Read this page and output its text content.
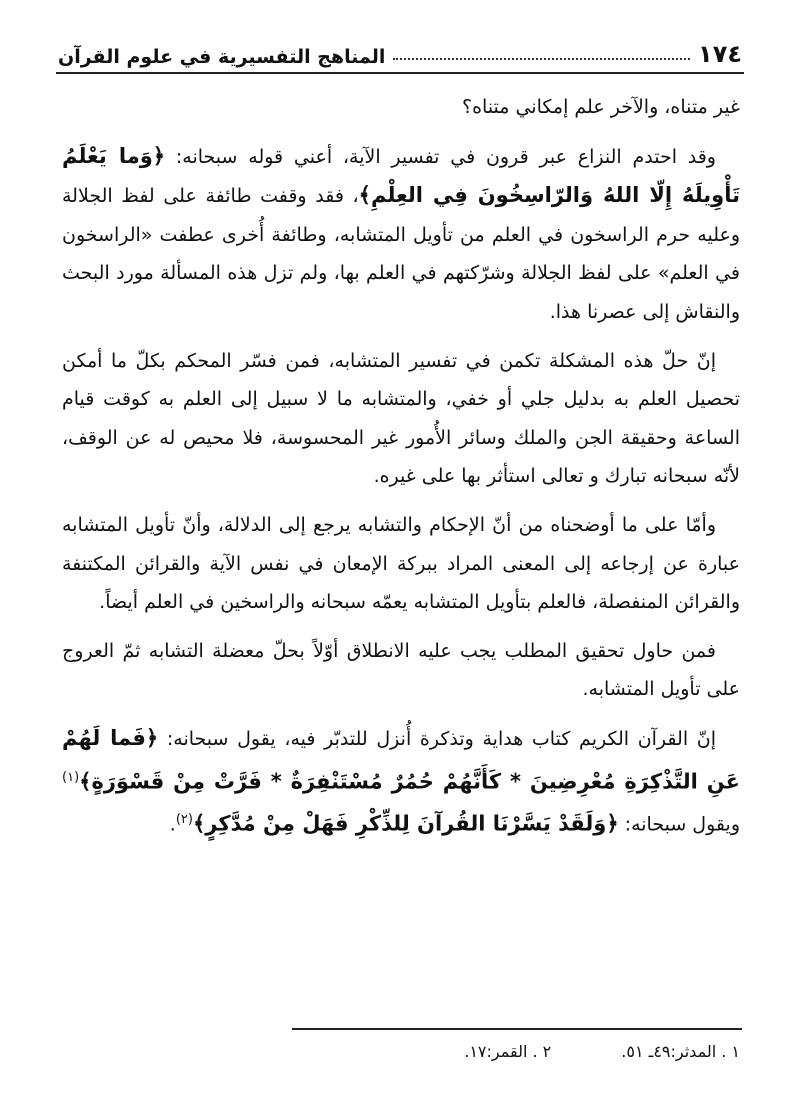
١٧٤
المناهج التفسيرية في علوم القرآن

غير متناه، والآخر علم إمكاني متناه؟

وقد احتدم النزاع عبر قرون في تفسير الآية، أعني قوله سبحانه: ﴿وَما يَعْلَمُ تَأْوِيلَهُ إِلّا اللهُ وَالرّاسِخُونَ فِي العِلْمِ﴾، فقد وقفت طائفة على لفظ الجلالة وعليه حرم الراسخون في العلم من تأويل المتشابه، وطائفة أُخرى عطفت «الراسخون في العلم» على لفظ الجلالة وشرّكتهم في العلم بها، ولم تزل هذه المسألة مورد البحث والنقاش إلى عصرنا هذا.

إنّ حلّ هذه المشكلة تكمن في تفسير المتشابه، فمن فسّر المحكم بكلّ ما أمكن تحصيل العلم به بدليل جلي أو خفي، والمتشابه ما لا سبيل إلى العلم به كوقت قيام الساعة وحقيقة الجن والملك وسائر الأُمور غير المحسوسة، فلا محيص له عن الوقف، لأنّه سبحانه تبارك و تعالى استأثر بها على غيره.

وأمّا على ما أوضحناه من أنّ الإحكام والتشابه يرجع إلى الدلالة، وأنّ تأويل المتشابه عبارة عن إرجاعه إلى المعنى المراد ببركة الإمعان في نفس الآية والقرائن المكتنفة والقرائن المنفصلة، فالعلم بتأويل المتشابه يعمّه سبحانه والراسخين في العلم أيضاً.

فمن حاول تحقيق المطلب يجب عليه الانطلاق أوّلاً بحلّ معضلة التشابه ثمّ العروج على تأويل المتشابه.

إنّ القرآن الكريم كتاب هداية وتذكرة أُنزل للتدبّر فيه، يقول سبحانه: ﴿فَما لَهُمْ عَنِ التَّذْكِرَةِ مُعْرِضِينَ * كَأَنَّهُمْ حُمُرٌ مُسْتَنْفِرَةٌ * فَرَّتْ مِنْ قَسْوَرَةٍ﴾$^{(١)}$ ويقول سبحانه: ﴿وَلَقَدْ يَسَّرْنَا القُرآنَ لِلذِّكْرِ فَهَلْ مِنْ مُدَّكِرٍ﴾$^{(٢)}$.

١ . المدثر:٤٩ـ ٥١.
٢ . القمر:١٧.
